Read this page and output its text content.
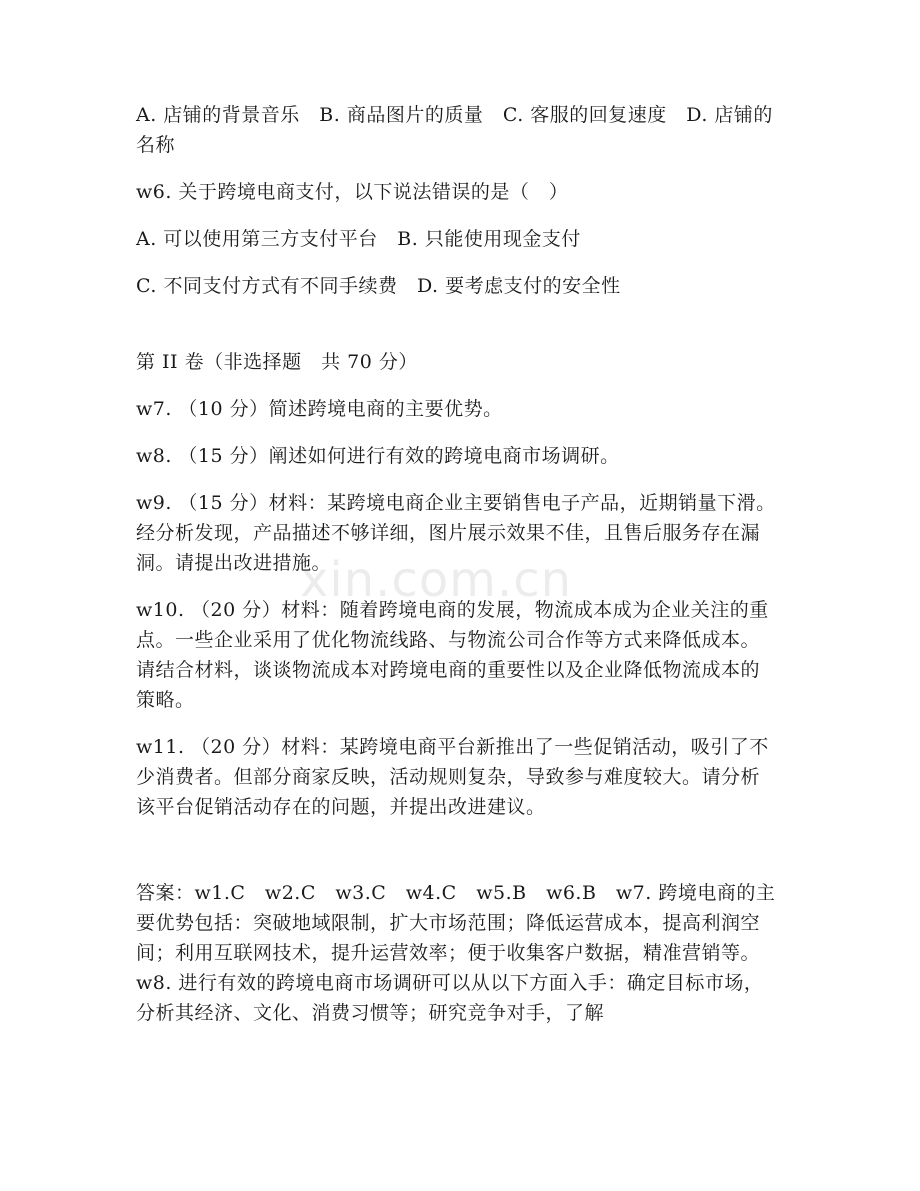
xin.com.cn

A. 店铺的背景音乐　B. 商品图片的质量　C. 客服的回复速度　D. 店铺的名称

w6. 关于跨境电商支付，以下说法错误的是（　）

A. 可以使用第三方支付平台　B. 只能使用现金支付

C. 不同支付方式有不同手续费　D. 要考虑支付的安全性

第 II 卷（非选择题　共 70 分）

w7. （10 分）简述跨境电商的主要优势。

w8. （15 分）阐述如何进行有效的跨境电商市场调研。

w9. （15 分）材料：某跨境电商企业主要销售电子产品，近期销量下滑。经分析发现，产品描述不够详细，图片展示效果不佳，且售后服务存在漏洞。请提出改进措施。

w10. （20 分）材料：随着跨境电商的发展，物流成本成为企业关注的重点。一些企业采用了优化物流线路、与物流公司合作等方式来降低成本。请结合材料，谈谈物流成本对跨境电商的重要性以及企业降低物流成本的策略。

w11. （20 分）材料：某跨境电商平台新推出了一些促销活动，吸引了不少消费者。但部分商家反映，活动规则复杂，导致参与难度较大。请分析该平台促销活动存在的问题，并提出改进建议。

答案：w1.C　w2.C　w3.C　w4.C　w5.B　w6.B　w7. 跨境电商的主要优势包括：突破地域限制，扩大市场范围；降低运营成本，提高利润空间；利用互联网技术，提升运营效率；便于收集客户数据，精准营销等。　w8. 进行有效的跨境电商市场调研可以从以下方面入手：确定目标市场，分析其经济、文化、消费习惯等；研究竞争对手，了解
